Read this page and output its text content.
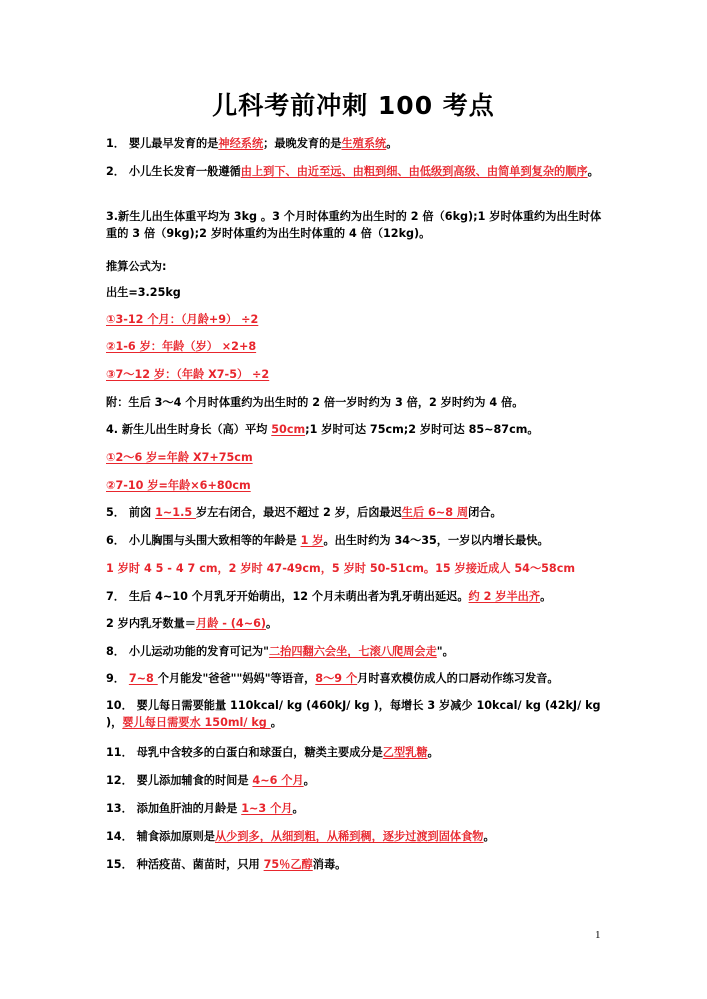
儿科考前冲刺 100 考点

1． 婴儿最早发育的是神经系统；最晚发育的是生殖系统。

2． 小儿生长发育一般遵循由上到下、由近至远、由粗到细、由低级到高级、由简单到复杂的顺序。

3.新生儿出生体重平均为 3kg 。3 个月时体重约为出生时的 2 倍（6kg);1 岁时体重约为出生时体重的 3 倍（9kg);2 岁时体重约为出生时体重的 4 倍（12kg)。

推算公式为:

出生=3.25kg

①3-12 个月：（月龄+9） ÷2

②1-6 岁：年龄（岁） ×2+8

③7～12 岁：（年龄 X7-5） ÷2

附：生后 3～4 个月时体重约为出生时的 2 倍一岁时约为 3 倍，2 岁时约为 4 倍。

4. 新生儿出生时身长（高）平均 50cm;1 岁时可达 75cm;2 岁时可达 85~87cm。

①2～6 岁=年龄 X7+75cm

②7-10 岁=年龄×6+80cm

5． 前囟 1~1.5 岁左右闭合，最迟不超过 2 岁，后囟最迟生后 6~8 周闭合。

6． 小儿胸围与头围大致相等的年龄是 1 岁。出生时约为 34～35，一岁以内增长最快。

1 岁时 4 5 - 4 7 cm，2 岁时 47-49cm，5 岁时 50-51cm。15 岁接近成人 54～58cm

7． 生后 4~10 个月乳牙开始萌出，12 个月未萌出者为乳牙萌出延迟。约 2 岁半出齐。

2 岁内乳牙数量＝月龄 - (4~6)。

8． 小儿运动功能的发育可记为"二抬四翻六会坐，七滚八爬周会走"。

9． 7~8 个月能发"爸爸""妈妈"等语音，8～9 个月时喜欢模仿成人的口唇动作练习发音。

10． 婴儿每日需要能量 110kcal/ kg (460kJ/ kg )，每增长 3 岁减少 10kcal/ kg (42kJ/ kg )，婴儿每日需要水 150ml/ kg 。

11． 母乳中含较多的白蛋白和球蛋白，糖类主要成分是乙型乳糖。

12． 婴儿添加辅食的时间是 4~6 个月。

13． 添加鱼肝油的月龄是 1~3 个月。

14． 辅食添加原则是从少到多，从细到粗，从稀到稠，逐步过渡到固体食物。

15． 种活疫苗、菌苗时，只用 75％乙醇消毒。

1
